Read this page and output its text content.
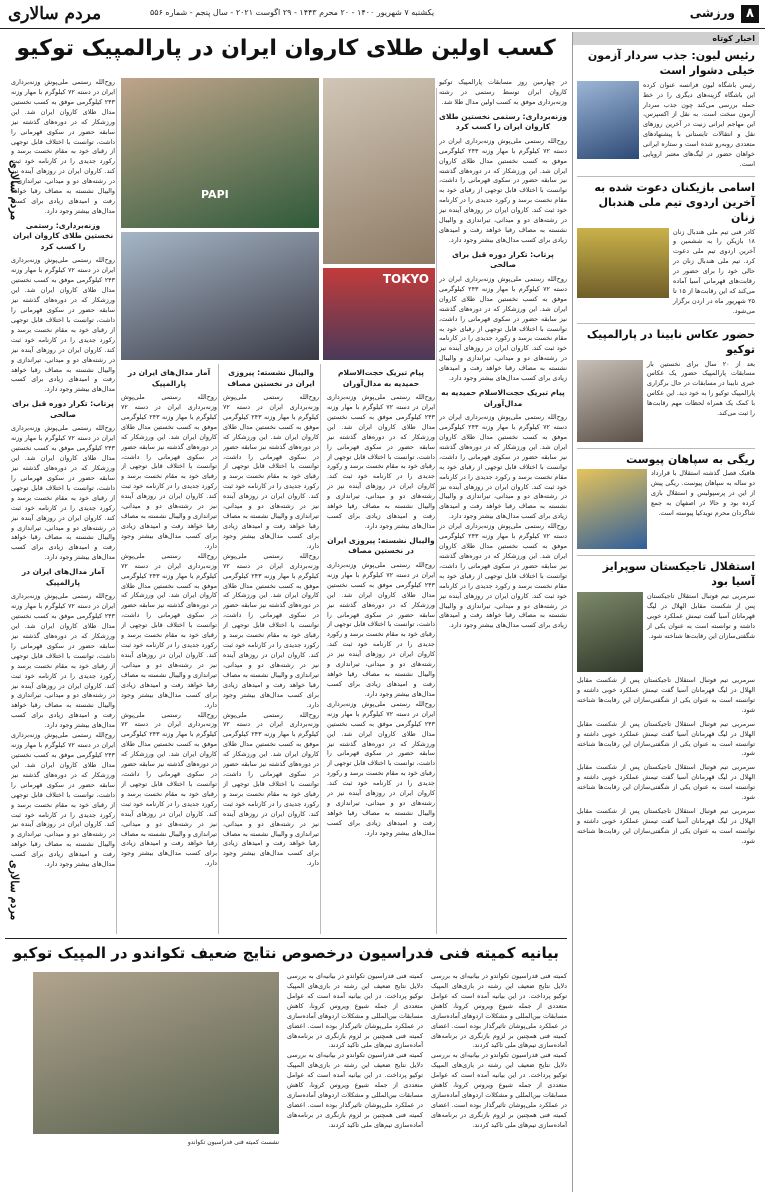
۸
ورزشی
یکشنبه ۷ شهریور ۱۴۰۰ - ۲۰ محرم ۱۴۴۳ - ۲۹ اگوست ۲۰۲۱ - سال پنجم - شماره ۵۵۶
مردم سالاری
اخبار کوتاه
رئیس لیون: جذب سردار آزمون خیلی دشوار است
رئیس باشگاه لیون فرانسه عنوان کرده این باشگاه گزینه‌های دیگری را در خط حمله بررسی می‌کند چون جذب سردار آزمون سخت است. به نقل از اکسپرس، این مهاجم ایرانی زنیت در آخرین روزهای نقل و انتقالات تابستانی با پیشنهادهای متعددی روبه‌رو شده است و ستاره ایرانی خواهان حضور در لیگ‌های معتبر اروپایی است.
اسامی بازیکنان دعوت شده به آخرین اردوی تیم ملی هندبال زنان
کادر فنی تیم ملی هندبال زنان ۱۸ بازیکن را به ششمین و آخرین اردوی تیم ملی دعوت کرد. تیم ملی هندبال زنان در حالی خود را برای حضور در رقابت‌های قهرمانی آسیا آماده می‌کند که این رقابت‌ها از ۱۵ تا ۲۵ شهریور ماه در اردن برگزار می‌شود.
حضور عکاس نابینا در پارالمپیک توکیو
بعد از ۲۰ سال برای نخستین بار مسابقات پارالمپیک حضور یک عکاس خبری نابینا در مسابقات در حال برگزاری پارالمپیک توکیو را به خود دید. این عکاس با کمک یک همراه لحظات مهم رقابت‌ها را ثبت می‌کند.
ریگی به سپاهان پیوست
هافبک فصل گذشته استقلال با قرارداد دو ساله به سپاهان پیوست. ریگی پیش از این در پرسپولیس و استقلال بازی کرده بود و حالا در اصفهان به جمع شاگردان محرم نویدکیا پیوسته است.
استقلال تاجیکستان سوپرایز آسیا بود
سرمربی تیم فوتبال استقلال تاجیکستان پس از شکست مقابل الهلال در لیگ قهرمانان آسیا گفت تیمش عملکرد خوبی داشته و توانسته است به عنوان یکی از شگفتی‌سازان این رقابت‌ها شناخته شود.
سرمربی تیم فوتبال استقلال تاجیکستان پس از شکست مقابل الهلال در لیگ قهرمانان آسیا گفت تیمش عملکرد خوبی داشته و توانسته است به عنوان یکی از شگفتی‌سازان این رقابت‌ها شناخته شود.
سرمربی تیم فوتبال استقلال تاجیکستان پس از شکست مقابل الهلال در لیگ قهرمانان آسیا گفت تیمش عملکرد خوبی داشته و توانسته است به عنوان یکی از شگفتی‌سازان این رقابت‌ها شناخته شود.
سرمربی تیم فوتبال استقلال تاجیکستان پس از شکست مقابل الهلال در لیگ قهرمانان آسیا گفت تیمش عملکرد خوبی داشته و توانسته است به عنوان یکی از شگفتی‌سازان این رقابت‌ها شناخته شود.
سرمربی تیم فوتبال استقلال تاجیکستان پس از شکست مقابل الهلال در لیگ قهرمانان آسیا گفت تیمش عملکرد خوبی داشته و توانسته است به عنوان یکی از شگفتی‌سازان این رقابت‌ها شناخته شود.
کسب اولین طلای کاروان ایران در پارالمپیک توکیو
PAPI
TOKYO
در چهارمین روز مسابقات پارالمپیک توکیو کاروان ایران توسط رستمی در رشته وزنه‌برداری موفق به کسب اولین مدال طلا شد.
وزنه‌برداری: رستمی نخستین طلای کاروان ایران را کسب کرد
روح‌الله رستمی ملی‌پوش وزنه‌برداری ایران در دسته ۷۲ کیلوگرم با مهار وزنه ۲۴۳ کیلوگرمی موفق به کسب نخستین مدال طلای کاروان ایران شد. این ورزشکار که در دوره‌های گذشته نیز سابقه حضور در سکوی قهرمانی را داشت، توانست با اختلاف قابل توجهی از رقبای خود به مقام نخست برسد و رکورد جدیدی را در کارنامه خود ثبت کند. کاروان ایران در روزهای آینده نیز در رشته‌های دو و میدانی، تیراندازی و والیبال نشسته به مصاف رقبا خواهد رفت و امیدهای زیادی برای کسب مدال‌های بیشتر وجود دارد.
پرتاب: تکرار دوره قبل برای صالحی
روح‌الله رستمی ملی‌پوش وزنه‌برداری ایران در دسته ۷۲ کیلوگرم با مهار وزنه ۲۴۳ کیلوگرمی موفق به کسب نخستین مدال طلای کاروان ایران شد. این ورزشکار که در دوره‌های گذشته نیز سابقه حضور در سکوی قهرمانی را داشت، توانست با اختلاف قابل توجهی از رقبای خود به مقام نخست برسد و رکورد جدیدی را در کارنامه خود ثبت کند. کاروان ایران در روزهای آینده نیز در رشته‌های دو و میدانی، تیراندازی و والیبال نشسته به مصاف رقبا خواهد رفت و امیدهای زیادی برای کسب مدال‌های بیشتر وجود دارد.
پیام تبریک حجت‌الاسلام حمیدیه به مدال‌آوران
روح‌الله رستمی ملی‌پوش وزنه‌برداری ایران در دسته ۷۲ کیلوگرم با مهار وزنه ۲۴۳ کیلوگرمی موفق به کسب نخستین مدال طلای کاروان ایران شد. این ورزشکار که در دوره‌های گذشته نیز سابقه حضور در سکوی قهرمانی را داشت، توانست با اختلاف قابل توجهی از رقبای خود به مقام نخست برسد و رکورد جدیدی را در کارنامه خود ثبت کند. کاروان ایران در روزهای آینده نیز در رشته‌های دو و میدانی، تیراندازی و والیبال نشسته به مصاف رقبا خواهد رفت و امیدهای زیادی برای کسب مدال‌های بیشتر وجود دارد.
روح‌الله رستمی ملی‌پوش وزنه‌برداری ایران در دسته ۷۲ کیلوگرم با مهار وزنه ۲۴۳ کیلوگرمی موفق به کسب نخستین مدال طلای کاروان ایران شد. این ورزشکار که در دوره‌های گذشته نیز سابقه حضور در سکوی قهرمانی را داشت، توانست با اختلاف قابل توجهی از رقبای خود به مقام نخست برسد و رکورد جدیدی را در کارنامه خود ثبت کند. کاروان ایران در روزهای آینده نیز در رشته‌های دو و میدانی، تیراندازی و والیبال نشسته به مصاف رقبا خواهد رفت و امیدهای زیادی برای کسب مدال‌های بیشتر وجود دارد.
پیام تبریک حجت‌الاسلام حمیدیه به مدال‌آوران
روح‌الله رستمی ملی‌پوش وزنه‌برداری ایران در دسته ۷۲ کیلوگرم با مهار وزنه ۲۴۳ کیلوگرمی موفق به کسب نخستین مدال طلای کاروان ایران شد. این ورزشکار که در دوره‌های گذشته نیز سابقه حضور در سکوی قهرمانی را داشت، توانست با اختلاف قابل توجهی از رقبای خود به مقام نخست برسد و رکورد جدیدی را در کارنامه خود ثبت کند. کاروان ایران در روزهای آینده نیز در رشته‌های دو و میدانی، تیراندازی و والیبال نشسته به مصاف رقبا خواهد رفت و امیدهای زیادی برای کسب مدال‌های بیشتر وجود دارد.
والیبال نشسته: پیروزی ایران در نخستین مصاف
روح‌الله رستمی ملی‌پوش وزنه‌برداری ایران در دسته ۷۲ کیلوگرم با مهار وزنه ۲۴۳ کیلوگرمی موفق به کسب نخستین مدال طلای کاروان ایران شد. این ورزشکار که در دوره‌های گذشته نیز سابقه حضور در سکوی قهرمانی را داشت، توانست با اختلاف قابل توجهی از رقبای خود به مقام نخست برسد و رکورد جدیدی را در کارنامه خود ثبت کند. کاروان ایران در روزهای آینده نیز در رشته‌های دو و میدانی، تیراندازی و والیبال نشسته به مصاف رقبا خواهد رفت و امیدهای زیادی برای کسب مدال‌های بیشتر وجود دارد.
روح‌الله رستمی ملی‌پوش وزنه‌برداری ایران در دسته ۷۲ کیلوگرم با مهار وزنه ۲۴۳ کیلوگرمی موفق به کسب نخستین مدال طلای کاروان ایران شد. این ورزشکار که در دوره‌های گذشته نیز سابقه حضور در سکوی قهرمانی را داشت، توانست با اختلاف قابل توجهی از رقبای خود به مقام نخست برسد و رکورد جدیدی را در کارنامه خود ثبت کند. کاروان ایران در روزهای آینده نیز در رشته‌های دو و میدانی، تیراندازی و والیبال نشسته به مصاف رقبا خواهد رفت و امیدهای زیادی برای کسب مدال‌های بیشتر وجود دارد.
والیبال نشسته: پیروزی ایران در نخستین مصاف
روح‌الله رستمی ملی‌پوش وزنه‌برداری ایران در دسته ۷۲ کیلوگرم با مهار وزنه ۲۴۳ کیلوگرمی موفق به کسب نخستین مدال طلای کاروان ایران شد. این ورزشکار که در دوره‌های گذشته نیز سابقه حضور در سکوی قهرمانی را داشت، توانست با اختلاف قابل توجهی از رقبای خود به مقام نخست برسد و رکورد جدیدی را در کارنامه خود ثبت کند. کاروان ایران در روزهای آینده نیز در رشته‌های دو و میدانی، تیراندازی و والیبال نشسته به مصاف رقبا خواهد رفت و امیدهای زیادی برای کسب مدال‌های بیشتر وجود دارد.
روح‌الله رستمی ملی‌پوش وزنه‌برداری ایران در دسته ۷۲ کیلوگرم با مهار وزنه ۲۴۳ کیلوگرمی موفق به کسب نخستین مدال طلای کاروان ایران شد. این ورزشکار که در دوره‌های گذشته نیز سابقه حضور در سکوی قهرمانی را داشت، توانست با اختلاف قابل توجهی از رقبای خود به مقام نخست برسد و رکورد جدیدی را در کارنامه خود ثبت کند. کاروان ایران در روزهای آینده نیز در رشته‌های دو و میدانی، تیراندازی و والیبال نشسته به مصاف رقبا خواهد رفت و امیدهای زیادی برای کسب مدال‌های بیشتر وجود دارد.
روح‌الله رستمی ملی‌پوش وزنه‌برداری ایران در دسته ۷۲ کیلوگرم با مهار وزنه ۲۴۳ کیلوگرمی موفق به کسب نخستین مدال طلای کاروان ایران شد. این ورزشکار که در دوره‌های گذشته نیز سابقه حضور در سکوی قهرمانی را داشت، توانست با اختلاف قابل توجهی از رقبای خود به مقام نخست برسد و رکورد جدیدی را در کارنامه خود ثبت کند. کاروان ایران در روزهای آینده نیز در رشته‌های دو و میدانی، تیراندازی و والیبال نشسته به مصاف رقبا خواهد رفت و امیدهای زیادی برای کسب مدال‌های بیشتر وجود دارد.
آمار مدال‌های ایران در پارالمپیک
روح‌الله رستمی ملی‌پوش وزنه‌برداری ایران در دسته ۷۲ کیلوگرم با مهار وزنه ۲۴۳ کیلوگرمی موفق به کسب نخستین مدال طلای کاروان ایران شد. این ورزشکار که در دوره‌های گذشته نیز سابقه حضور در سکوی قهرمانی را داشت، توانست با اختلاف قابل توجهی از رقبای خود به مقام نخست برسد و رکورد جدیدی را در کارنامه خود ثبت کند. کاروان ایران در روزهای آینده نیز در رشته‌های دو و میدانی، تیراندازی و والیبال نشسته به مصاف رقبا خواهد رفت و امیدهای زیادی برای کسب مدال‌های بیشتر وجود دارد.
روح‌الله رستمی ملی‌پوش وزنه‌برداری ایران در دسته ۷۲ کیلوگرم با مهار وزنه ۲۴۳ کیلوگرمی موفق به کسب نخستین مدال طلای کاروان ایران شد. این ورزشکار که در دوره‌های گذشته نیز سابقه حضور در سکوی قهرمانی را داشت، توانست با اختلاف قابل توجهی از رقبای خود به مقام نخست برسد و رکورد جدیدی را در کارنامه خود ثبت کند. کاروان ایران در روزهای آینده نیز در رشته‌های دو و میدانی، تیراندازی و والیبال نشسته به مصاف رقبا خواهد رفت و امیدهای زیادی برای کسب مدال‌های بیشتر وجود دارد.
روح‌الله رستمی ملی‌پوش وزنه‌برداری ایران در دسته ۷۲ کیلوگرم با مهار وزنه ۲۴۳ کیلوگرمی موفق به کسب نخستین مدال طلای کاروان ایران شد. این ورزشکار که در دوره‌های گذشته نیز سابقه حضور در سکوی قهرمانی را داشت، توانست با اختلاف قابل توجهی از رقبای خود به مقام نخست برسد و رکورد جدیدی را در کارنامه خود ثبت کند. کاروان ایران در روزهای آینده نیز در رشته‌های دو و میدانی، تیراندازی و والیبال نشسته به مصاف رقبا خواهد رفت و امیدهای زیادی برای کسب مدال‌های بیشتر وجود دارد.
روح‌الله رستمی ملی‌پوش وزنه‌برداری ایران در دسته ۷۲ کیلوگرم با مهار وزنه ۲۴۳ کیلوگرمی موفق به کسب نخستین مدال طلای کاروان ایران شد. این ورزشکار که در دوره‌های گذشته نیز سابقه حضور در سکوی قهرمانی را داشت، توانست با اختلاف قابل توجهی از رقبای خود به مقام نخست برسد و رکورد جدیدی را در کارنامه خود ثبت کند. کاروان ایران در روزهای آینده نیز در رشته‌های دو و میدانی، تیراندازی و والیبال نشسته به مصاف رقبا خواهد رفت و امیدهای زیادی برای کسب مدال‌های بیشتر وجود دارد.
وزنه‌برداری: رستمی نخستین طلای کاروان ایران را کسب کرد
روح‌الله رستمی ملی‌پوش وزنه‌برداری ایران در دسته ۷۲ کیلوگرم با مهار وزنه ۲۴۳ کیلوگرمی موفق به کسب نخستین مدال طلای کاروان ایران شد. این ورزشکار که در دوره‌های گذشته نیز سابقه حضور در سکوی قهرمانی را داشت، توانست با اختلاف قابل توجهی از رقبای خود به مقام نخست برسد و رکورد جدیدی را در کارنامه خود ثبت کند. کاروان ایران در روزهای آینده نیز در رشته‌های دو و میدانی، تیراندازی و والیبال نشسته به مصاف رقبا خواهد رفت و امیدهای زیادی برای کسب مدال‌های بیشتر وجود دارد.
پرتاب: تکرار دوره قبل برای صالحی
روح‌الله رستمی ملی‌پوش وزنه‌برداری ایران در دسته ۷۲ کیلوگرم با مهار وزنه ۲۴۳ کیلوگرمی موفق به کسب نخستین مدال طلای کاروان ایران شد. این ورزشکار که در دوره‌های گذشته نیز سابقه حضور در سکوی قهرمانی را داشت، توانست با اختلاف قابل توجهی از رقبای خود به مقام نخست برسد و رکورد جدیدی را در کارنامه خود ثبت کند. کاروان ایران در روزهای آینده نیز در رشته‌های دو و میدانی، تیراندازی و والیبال نشسته به مصاف رقبا خواهد رفت و امیدهای زیادی برای کسب مدال‌های بیشتر وجود دارد.
آمار مدال‌های ایران در پارالمپیک
روح‌الله رستمی ملی‌پوش وزنه‌برداری ایران در دسته ۷۲ کیلوگرم با مهار وزنه ۲۴۳ کیلوگرمی موفق به کسب نخستین مدال طلای کاروان ایران شد. این ورزشکار که در دوره‌های گذشته نیز سابقه حضور در سکوی قهرمانی را داشت، توانست با اختلاف قابل توجهی از رقبای خود به مقام نخست برسد و رکورد جدیدی را در کارنامه خود ثبت کند. کاروان ایران در روزهای آینده نیز در رشته‌های دو و میدانی، تیراندازی و والیبال نشسته به مصاف رقبا خواهد رفت و امیدهای زیادی برای کسب مدال‌های بیشتر وجود دارد.
روح‌الله رستمی ملی‌پوش وزنه‌برداری ایران در دسته ۷۲ کیلوگرم با مهار وزنه ۲۴۳ کیلوگرمی موفق به کسب نخستین مدال طلای کاروان ایران شد. این ورزشکار که در دوره‌های گذشته نیز سابقه حضور در سکوی قهرمانی را داشت، توانست با اختلاف قابل توجهی از رقبای خود به مقام نخست برسد و رکورد جدیدی را در کارنامه خود ثبت کند. کاروان ایران در روزهای آینده نیز در رشته‌های دو و میدانی، تیراندازی و والیبال نشسته به مصاف رقبا خواهد رفت و امیدهای زیادی برای کسب مدال‌های بیشتر وجود دارد.
بیانیه کمیته فنی فدراسیون درخصوص نتایج ضعیف تکواندو در المپیک توکیو
کمیته فنی فدراسیون تکواندو در بیانیه‌ای به بررسی دلایل نتایج ضعیف این رشته در بازی‌های المپیک توکیو پرداخت. در این بیانیه آمده است که عوامل متعددی از جمله شیوع ویروس کرونا، کاهش مسابقات بین‌المللی و مشکلات اردوهای آماده‌سازی در عملکرد ملی‌پوشان تاثیرگذار بوده است. اعضای کمیته فنی همچنین بر لزوم بازنگری در برنامه‌های آماده‌سازی تیم‌های ملی تاکید کردند.
کمیته فنی فدراسیون تکواندو در بیانیه‌ای به بررسی دلایل نتایج ضعیف این رشته در بازی‌های المپیک توکیو پرداخت. در این بیانیه آمده است که عوامل متعددی از جمله شیوع ویروس کرونا، کاهش مسابقات بین‌المللی و مشکلات اردوهای آماده‌سازی در عملکرد ملی‌پوشان تاثیرگذار بوده است. اعضای کمیته فنی همچنین بر لزوم بازنگری در برنامه‌های آماده‌سازی تیم‌های ملی تاکید کردند.
کمیته فنی فدراسیون تکواندو در بیانیه‌ای به بررسی دلایل نتایج ضعیف این رشته در بازی‌های المپیک توکیو پرداخت. در این بیانیه آمده است که عوامل متعددی از جمله شیوع ویروس کرونا، کاهش مسابقات بین‌المللی و مشکلات اردوهای آماده‌سازی در عملکرد ملی‌پوشان تاثیرگذار بوده است. اعضای کمیته فنی همچنین بر لزوم بازنگری در برنامه‌های آماده‌سازی تیم‌های ملی تاکید کردند.
کمیته فنی فدراسیون تکواندو در بیانیه‌ای به بررسی دلایل نتایج ضعیف این رشته در بازی‌های المپیک توکیو پرداخت. در این بیانیه آمده است که عوامل متعددی از جمله شیوع ویروس کرونا، کاهش مسابقات بین‌المللی و مشکلات اردوهای آماده‌سازی در عملکرد ملی‌پوشان تاثیرگذار بوده است. اعضای کمیته فنی همچنین بر لزوم بازنگری در برنامه‌های آماده‌سازی تیم‌های ملی تاکید کردند.
نشست کمیته فنی فدراسیون تکواندو
مردم سالاری
مردم سالاری
